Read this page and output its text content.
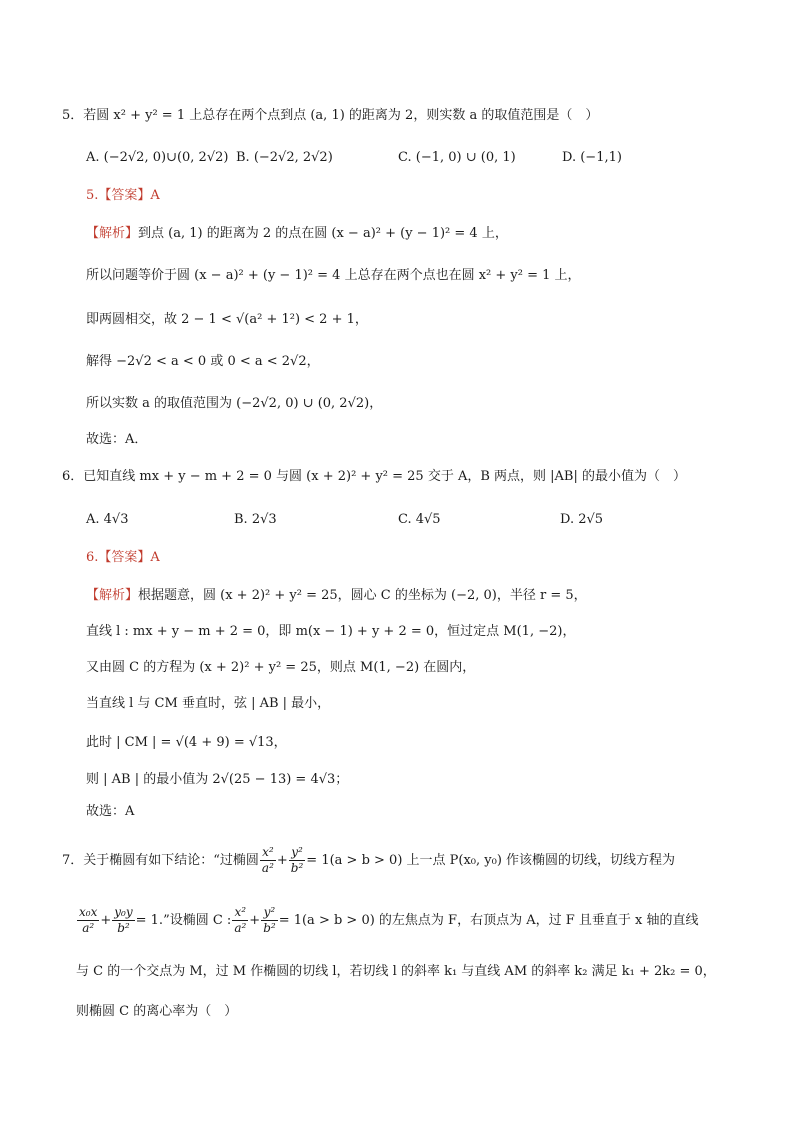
5．若圆 x² + y² = 1 上总存在两个点到点 (a, 1) 的距离为 2，则实数 a 的取值范围是（　）
A. (−2√2, 0)∪(0, 2√2) B. (−2√2, 2√2)	C. (−1, 0) ∪ (0, 1)	D. (−1,1)
5.【答案】A
【解析】到点 (a, 1) 的距离为 2 的点在圆 (x − a)² + (y − 1)² = 4 上，
所以问题等价于圆 (x − a)² + (y − 1)² = 4 上总存在两个点也在圆 x² + y² = 1 上，
即两圆相交，故 2 − 1 < √(a² + 1²) < 2 + 1，
解得 −2√2 < a < 0 或 0 < a < 2√2，
所以实数 a 的取值范围为 (−2√2, 0) ∪ (0, 2√2)，
故选：A．
6．已知直线 mx + y − m + 2 = 0 与圆 (x + 2)² + y² = 25 交于 A，B 两点，则 |AB| 的最小值为（　）
A. 4√3	B. 2√3	C. 4√5	D. 2√5
6.【答案】A
【解析】根据题意，圆 (x + 2)² + y² = 25，圆心 C 的坐标为 (−2, 0)，半径 r = 5，
直线 l : mx + y − m + 2 = 0，即 m(x − 1) + y + 2 = 0，恒过定点 M(1, −2)，
又由圆 C 的方程为 (x + 2)² + y² = 25，则点 M(1, −2) 在圆内，
当直线 l 与 CM 垂直时，弦 | AB | 最小，
此时 | CM | = √(4 + 9) = √13，
则 | AB | 的最小值为 2√(25 − 13) = 4√3；
故选：A
7．关于椭圆有如下结论：“过椭圆 $\frac{\text{x²}}{\text{a²}} + \frac{\text{y²}}{\text{b²}} = 1(a > b > 0)$ 上一点 P(x₀, y₀) 作该椭圆的切线，切线方程为
$\frac{\text{x₀x}}{\text{a²}} + \frac{\text{y₀y}}{\text{b²}} = 1$.”设椭圆 C : $\frac{\text{x²}}{\text{a²}} + \frac{\text{y²}}{\text{b²}} = 1(a > b > 0)$ 的左焦点为 F，右顶点为 A，过 F 且垂直于 x 轴的直线
与 C 的一个交点为 M，过 M 作椭圆的切线 l，若切线 l 的斜率 k₁ 与直线 AM 的斜率 k₂ 满足 k₁ + 2k₂ = 0，
则椭圆 C 的离心率为（　）
